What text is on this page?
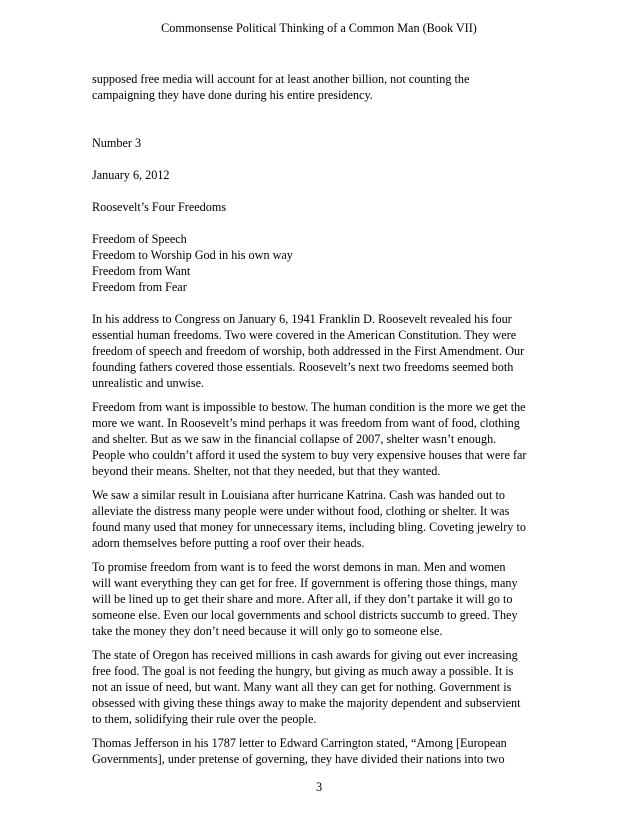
Commonsense Political Thinking of a Common Man (Book VII)

supposed free media will account for at least another billion, not counting the

campaigning they have done during his entire presidency.

Number 3

January 6, 2012

Roosevelt’s Four Freedoms

Freedom of Speech

Freedom to Worship God in his own way

Freedom from Want

Freedom from Fear

In his address to Congress on January 6, 1941 Franklin D. Roosevelt revealed his four

essential human freedoms. Two were covered in the American Constitution. They were

freedom of speech and freedom of worship, both addressed in the First Amendment. Our

founding fathers covered those essentials. Roosevelt’s next two freedoms seemed both

unrealistic and unwise.

Freedom from want is impossible to bestow. The human condition is the more we get the

more we want. In Roosevelt’s mind perhaps it was freedom from want of food, clothing

and shelter. But as we saw in the financial collapse of 2007, shelter wasn’t enough.

People who couldn’t afford it used the system to buy very expensive houses that were far

beyond their means. Shelter, not that they needed, but that they wanted.

We saw a similar result in Louisiana after hurricane Katrina. Cash was handed out to

alleviate the distress many people were under without food, clothing or shelter. It was

found many used that money for unnecessary items, including bling. Coveting jewelry to

adorn themselves before putting a roof over their heads.

To promise freedom from want is to feed the worst demons in man. Men and women

will want everything they can get for free. If government is offering those things, many

will be lined up to get their share and more. After all, if they don’t partake it will go to

someone else. Even our local governments and school districts succumb to greed. They

take the money they don’t need because it will only go to someone else.

The state of Oregon has received millions in cash awards for giving out ever increasing

free food. The goal is not feeding the hungry, but giving as much away a possible. It is

not an issue of need, but want. Many want all they can get for nothing. Government is

obsessed with giving these things away to make the majority dependent and subservient

to them, solidifying their rule over the people.

Thomas Jefferson in his 1787 letter to Edward Carrington stated, “Among [European

Governments], under pretense of governing, they have divided their nations into two

3
